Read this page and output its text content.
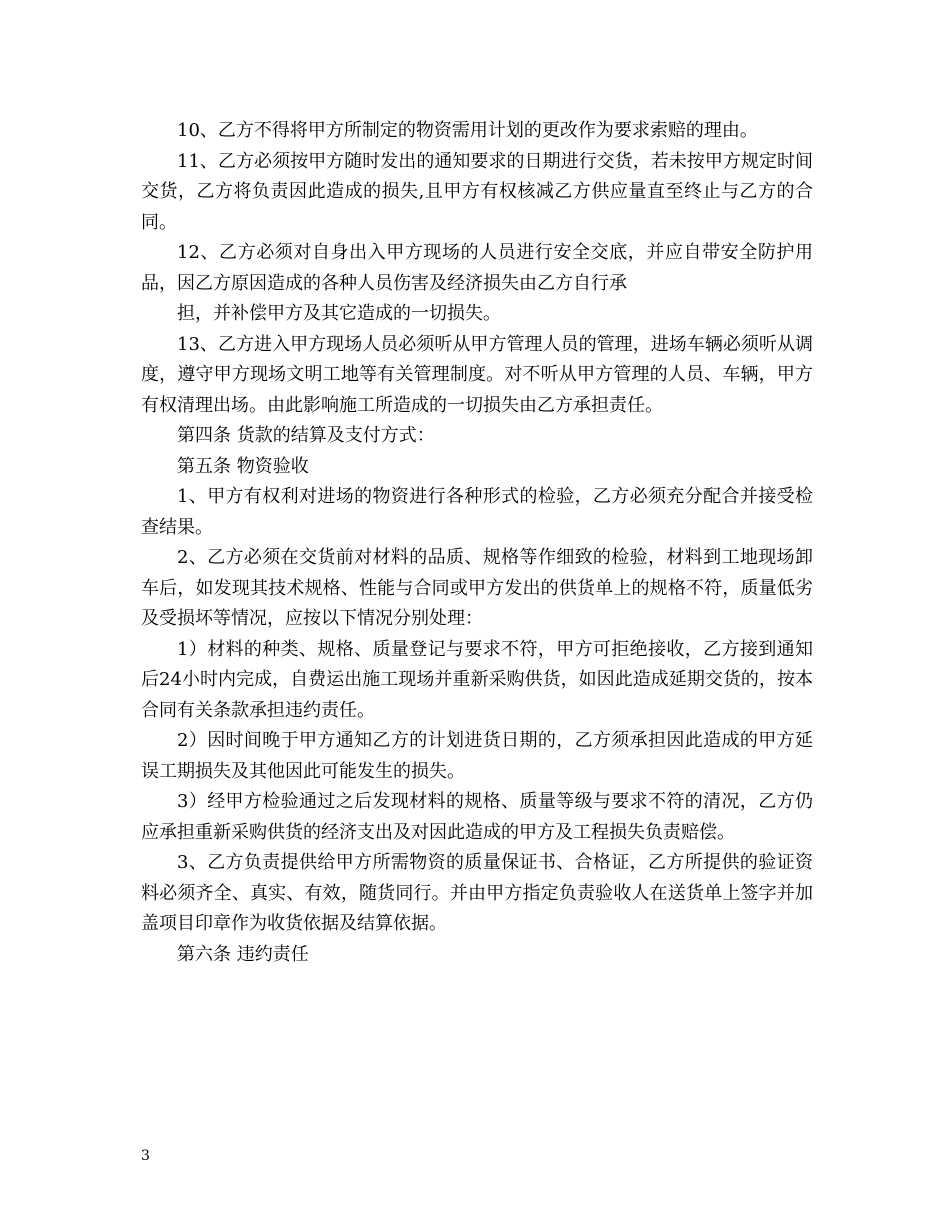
10、乙方不得将甲方所制定的物资需用计划的更改作为要求索赔的理由。

11、乙方必须按甲方随时发出的通知要求的日期进行交货，若未按甲方规定时间交货，乙方将负责因此造成的损失,且甲方有权核减乙方供应量直至终止与乙方的合同。

12、乙方必须对自身出入甲方现场的人员进行安全交底，并应自带安全防护用品，因乙方原因造成的各种人员伤害及经济损失由乙方自行承

担，并补偿甲方及其它造成的一切损失。

13、乙方进入甲方现场人员必须听从甲方管理人员的管理，进场车辆必须听从调度，遵守甲方现场文明工地等有关管理制度。对不听从甲方管理的人员、车辆，甲方有权清理出场。由此影响施工所造成的一切损失由乙方承担责任。

第四条 货款的结算及支付方式：

第五条 物资验收

1、甲方有权利对进场的物资进行各种形式的检验，乙方必须充分配合并接受检查结果。

2、乙方必须在交货前对材料的品质、规格等作细致的检验，材料到工地现场卸车后，如发现其技术规格、性能与合同或甲方发出的供货单上的规格不符，质量低劣及受损坏等情况，应按以下情况分别处理：

1）材料的种类、规格、质量登记与要求不符，甲方可拒绝接收，乙方接到通知后24小时内完成，自费运出施工现场并重新采购供货，如因此造成延期交货的，按本合同有关条款承担违约责任。

2）因时间晚于甲方通知乙方的计划进货日期的，乙方须承担因此造成的甲方延误工期损失及其他因此可能发生的损失。

3）经甲方检验通过之后发现材料的规格、质量等级与要求不符的清况，乙方仍应承担重新采购供货的经济支出及对因此造成的甲方及工程损失负责赔偿。

3、乙方负责提供给甲方所需物资的质量保证书、合格证，乙方所提供的验证资料必须齐全、真实、有效，随货同行。并由甲方指定负责验收人在送货单上签字并加盖项目印章作为收货依据及结算依据。

第六条 违约责任

3
